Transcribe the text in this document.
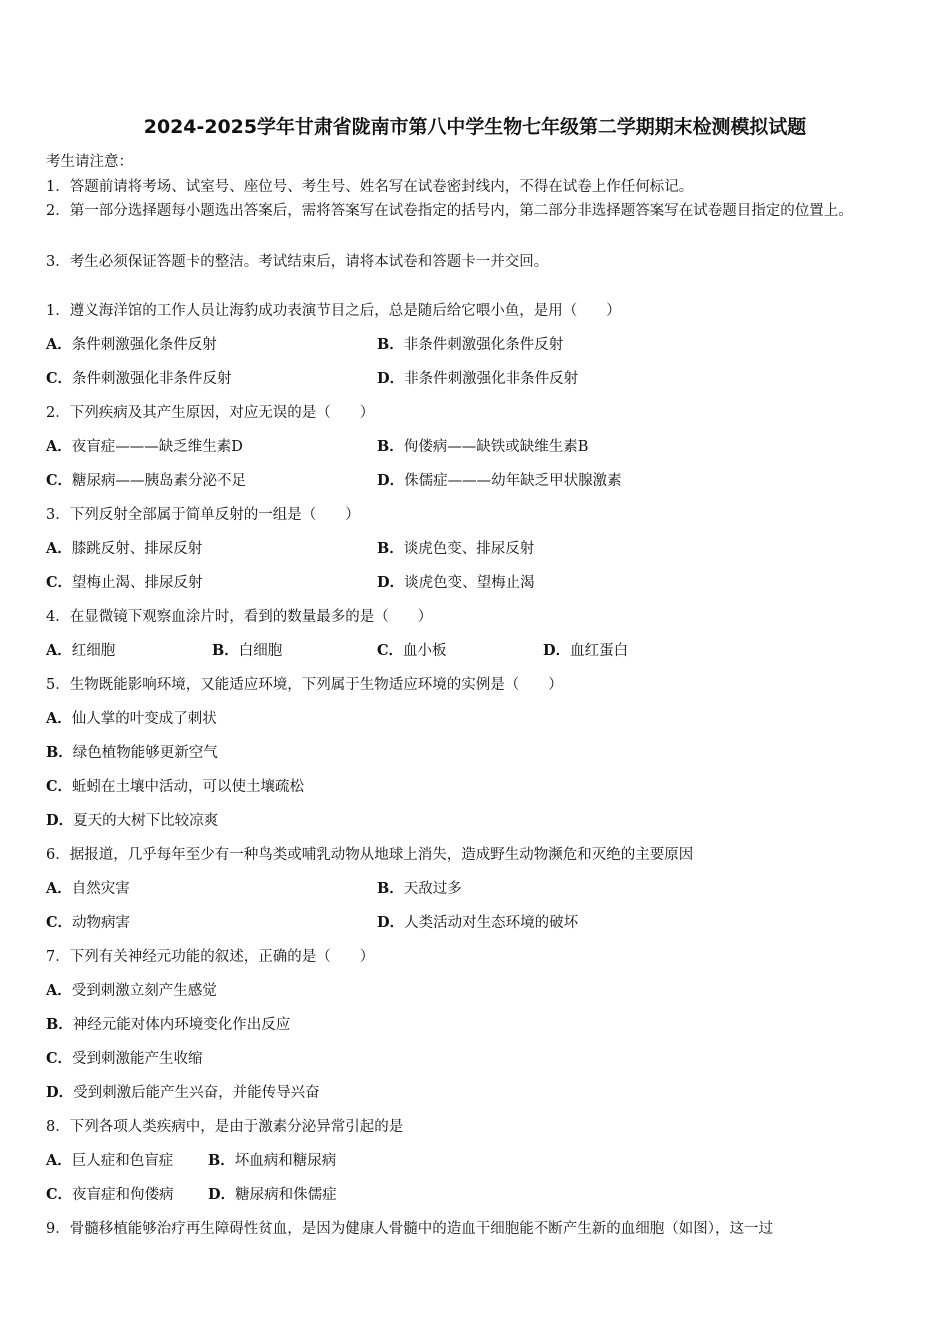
2024-2025学年甘肃省陇南市第八中学生物七年级第二学期期末检测模拟试题
考生请注意：
1．答题前请将考场、试室号、座位号、考生号、姓名写在试卷密封线内，不得在试卷上作任何标记。
2．第一部分选择题每小题选出答案后，需将答案写在试卷指定的括号内，第二部分非选择题答案写在试卷题目指定的位置上。
3．考生必须保证答题卡的整洁。考试结束后，请将本试卷和答题卡一并交回。
1．遵义海洋馆的工作人员让海豹成功表演节目之后，总是随后给它喂小鱼，是用（　　）
A．条件刺激强化条件反射	B．非条件刺激强化条件反射
C．条件刺激强化非条件反射	D．非条件刺激强化非条件反射
2．下列疾病及其产生原因，对应无误的是（　　）
A．夜盲症———缺乏维生素D	B．佝偻病——缺铁或缺维生素B
C．糖尿病——胰岛素分泌不足	D．侏儒症———幼年缺乏甲状腺激素
3．下列反射全部属于简单反射的一组是（　　）
A．膝跳反射、排尿反射	B．谈虎色变、排尿反射
C．望梅止渴、排尿反射	D．谈虎色变、望梅止渴
4．在显微镜下观察血涂片时，看到的数量最多的是（　　）
A．红细胞	B．白细胞	C．血小板	D．血红蛋白
5．生物既能影响环境，又能适应环境，下列属于生物适应环境的实例是（　　）
A．仙人掌的叶变成了刺状
B．绿色植物能够更新空气
C．蚯蚓在土壤中活动，可以使土壤疏松
D．夏天的大树下比较凉爽
6．据报道，几乎每年至少有一种鸟类或哺乳动物从地球上消失，造成野生动物濒危和灭绝的主要原因
A．自然灾害	B．天敌过多
C．动物病害	D．人类活动对生态环境的破坏
7．下列有关神经元功能的叙述，正确的是（　　）
A．受到刺激立刻产生感觉
B．神经元能对体内环境变化作出反应
C．受到刺激能产生收缩
D．受到刺激后能产生兴奋，并能传导兴奋
8．下列各项人类疾病中，是由于激素分泌异常引起的是
A．巨人症和色盲症 B．坏血病和糖尿病
C．夜盲症和佝偻病 D．糖尿病和侏儒症
9．骨髓移植能够治疗再生障碍性贫血，是因为健康人骨髓中的造血干细胞能不断产生新的血细胞（如图），这一过
